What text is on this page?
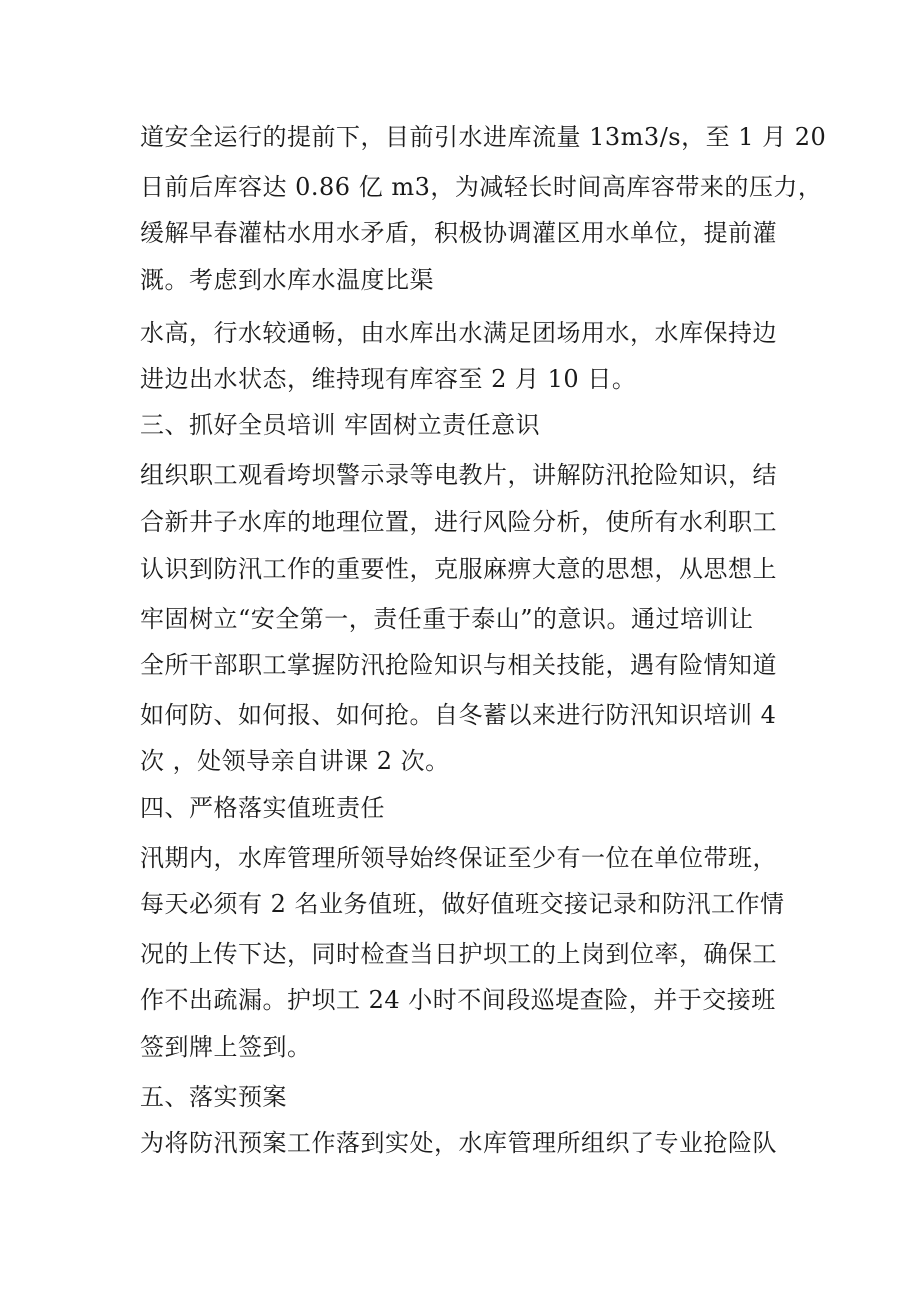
道安全运行的提前下，目前引水进库流量 13m3/s，至 1 月 20
日前后库容达 0.86 亿 m3，为减轻长时间高库容带来的压力，
缓解早春灌枯水用水矛盾，积极协调灌区用水单位，提前灌
溉。考虑到水库水温度比渠
水高，行水较通畅，由水库出水满足团场用水，水库保持边
进边出水状态，维持现有库容至 2 月 10 日。
三、抓好全员培训 牢固树立责任意识
组织职工观看垮坝警示录等电教片，讲解防汛抢险知识，结
合新井子水库的地理位置，进行风险分析，使所有水利职工
认识到防汛工作的重要性，克服麻痹大意的思想，从思想上
牢固树立“安全第一，责任重于泰山”的意识。通过培训让
全所干部职工掌握防汛抢险知识与相关技能，遇有险情知道
如何防、如何报、如何抢。自冬蓄以来进行防汛知识培训 4
次 ，处领导亲自讲课 2 次。
四、严格落实值班责任
汛期内，水库管理所领导始终保证至少有一位在单位带班，
每天必须有 2 名业务值班，做好值班交接记录和防汛工作情
况的上传下达，同时检查当日护坝工的上岗到位率，确保工
作不出疏漏。护坝工 24 小时不间段巡堤查险，并于交接班
签到牌上签到。
五、落实预案
为将防汛预案工作落到实处，水库管理所组织了专业抢险队
